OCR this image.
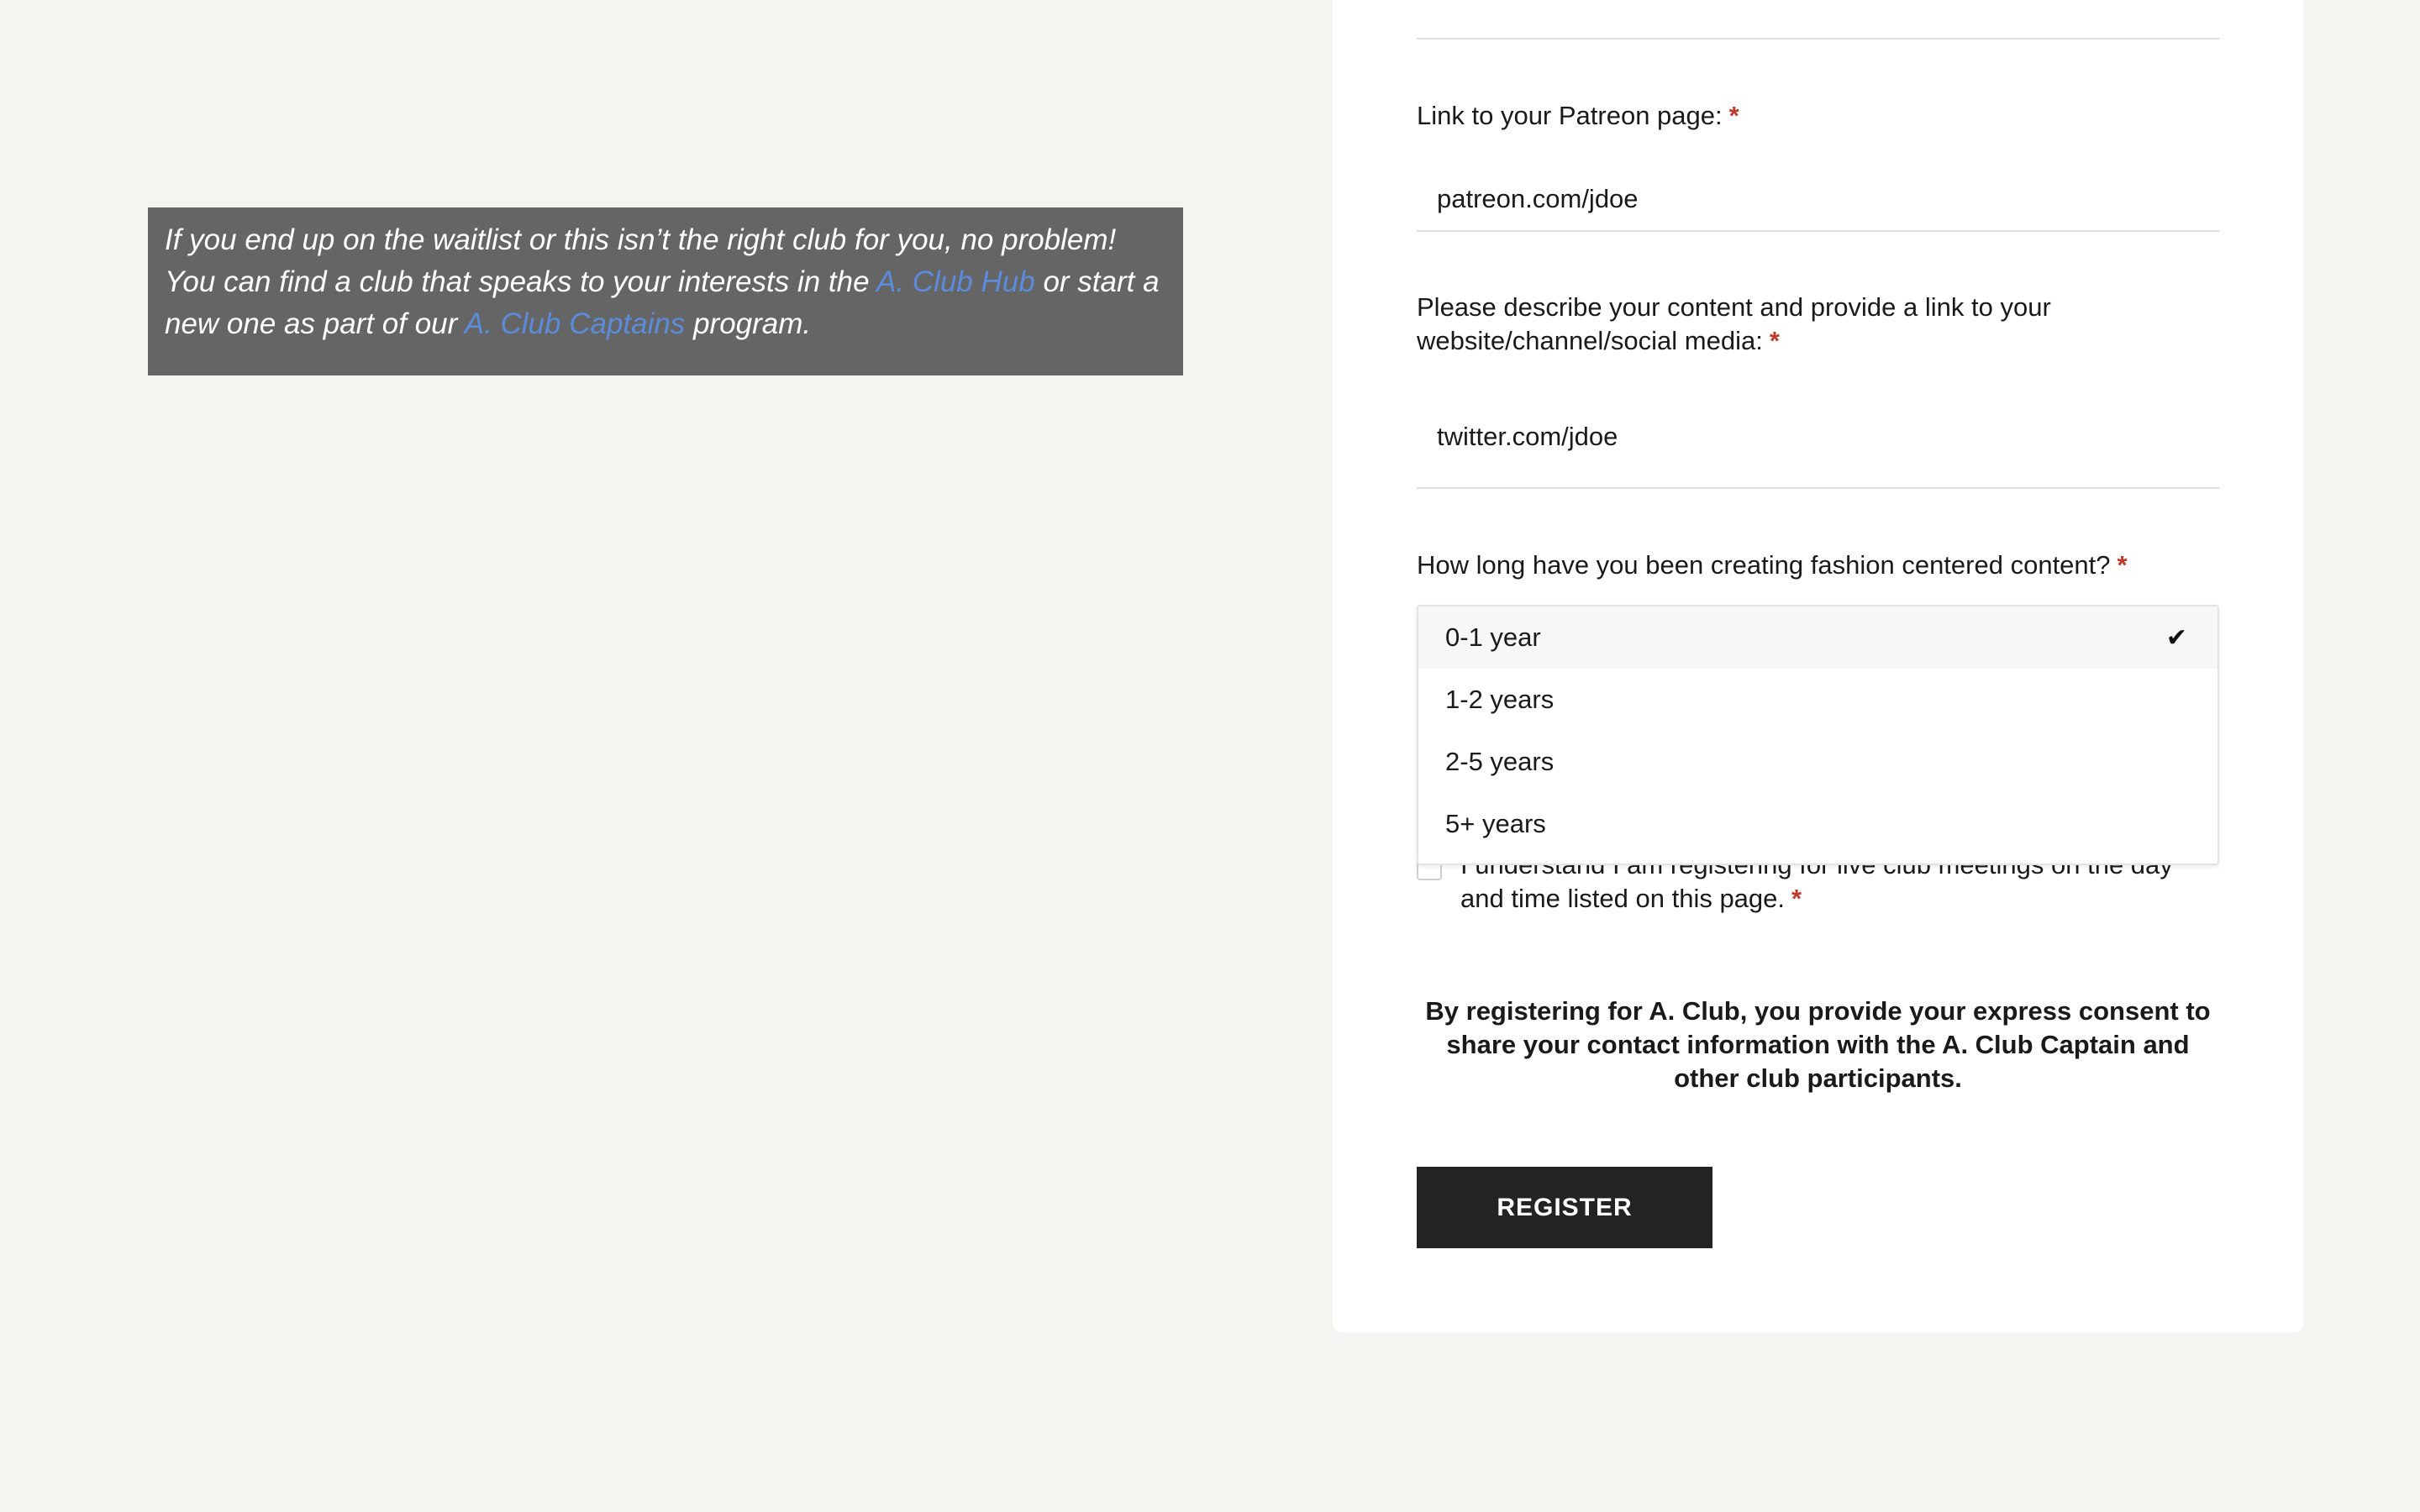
If you end up on the waitlist or this isn’t the right club for you, no problem! You can find a club that speaks to your interests in the A. Club Hub or start a new one as part of our A. Club Captains program.
Link to your Patreon page: *
patreon.com/jdoe
Please describe your content and provide a link to your website/channel/social media: *
twitter.com/jdoe
How long have you been creating fashion centered content? *
0-1 year	✔
1-2 years
2-5 years
5+ years
and time listed on this page. *
By registering for A. Club, you provide your express consent to share your contact information with the A. Club Captain and other club participants.
REGISTER
